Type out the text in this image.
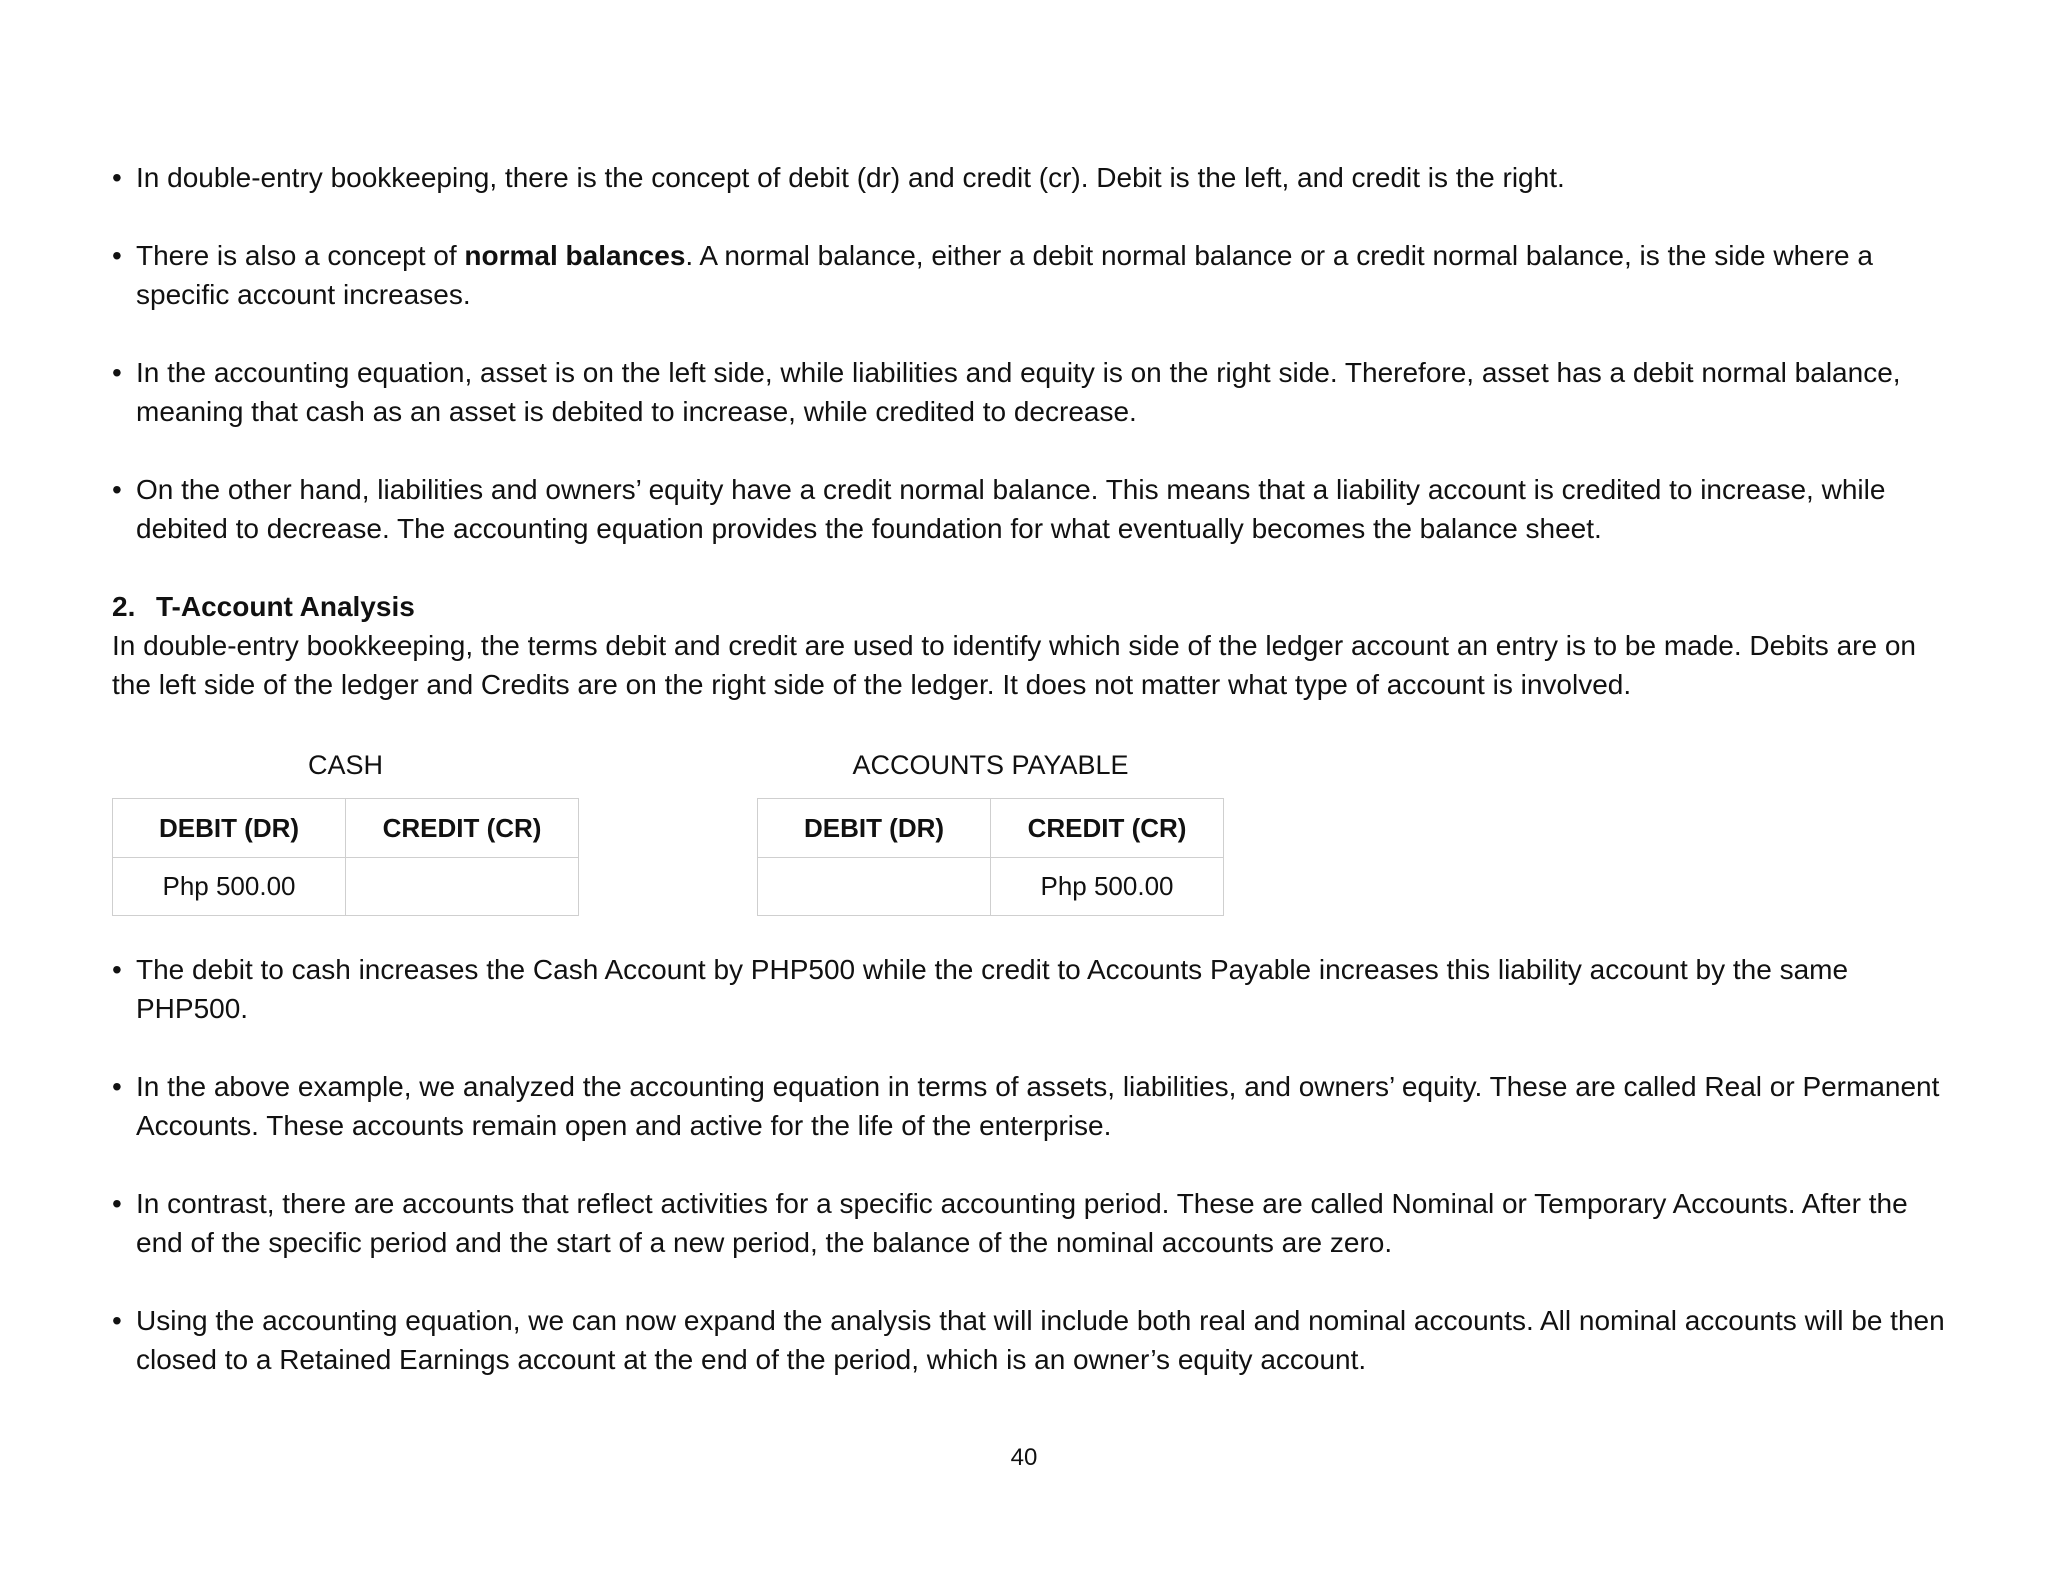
• In double-entry bookkeeping, there is the concept of debit (dr) and credit (cr). Debit is the left, and credit is the right.
• There is also a concept of normal balances. A normal balance, either a debit normal balance or a credit normal balance, is the side where a specific account increases.
• In the accounting equation, asset is on the left side, while liabilities and equity is on the right side. Therefore, asset has a debit normal balance, meaning that cash as an asset is debited to increase, while credited to decrease.
• On the other hand, liabilities and owners’ equity have a credit normal balance. This means that a liability account is credited to increase, while debited to decrease. The accounting equation provides the foundation for what eventually becomes the balance sheet.
2. T-Account Analysis
In double-entry bookkeeping, the terms debit and credit are used to identify which side of the ledger account an entry is to be made. Debits are on the left side of the ledger and Credits are on the right side of the ledger. It does not matter what type of account is involved.
CASH
DEBIT (DR)	CREDIT (CR)
Php 500.00	
ACCOUNTS PAYABLE
DEBIT (DR)	CREDIT (CR)
	Php 500.00
• The debit to cash increases the Cash Account by PHP500 while the credit to Accounts Payable increases this liability account by the same PHP500.
• In the above example, we analyzed the accounting equation in terms of assets, liabilities, and owners’ equity. These are called Real or Permanent Accounts. These accounts remain open and active for the life of the enterprise.
• In contrast, there are accounts that reflect activities for a specific accounting period. These are called Nominal or Temporary Accounts. After the end of the specific period and the start of a new period, the balance of the nominal accounts are zero.
• Using the accounting equation, we can now expand the analysis that will include both real and nominal accounts. All nominal accounts will be then closed to a Retained Earnings account at the end of the period, which is an owner’s equity account.
40
